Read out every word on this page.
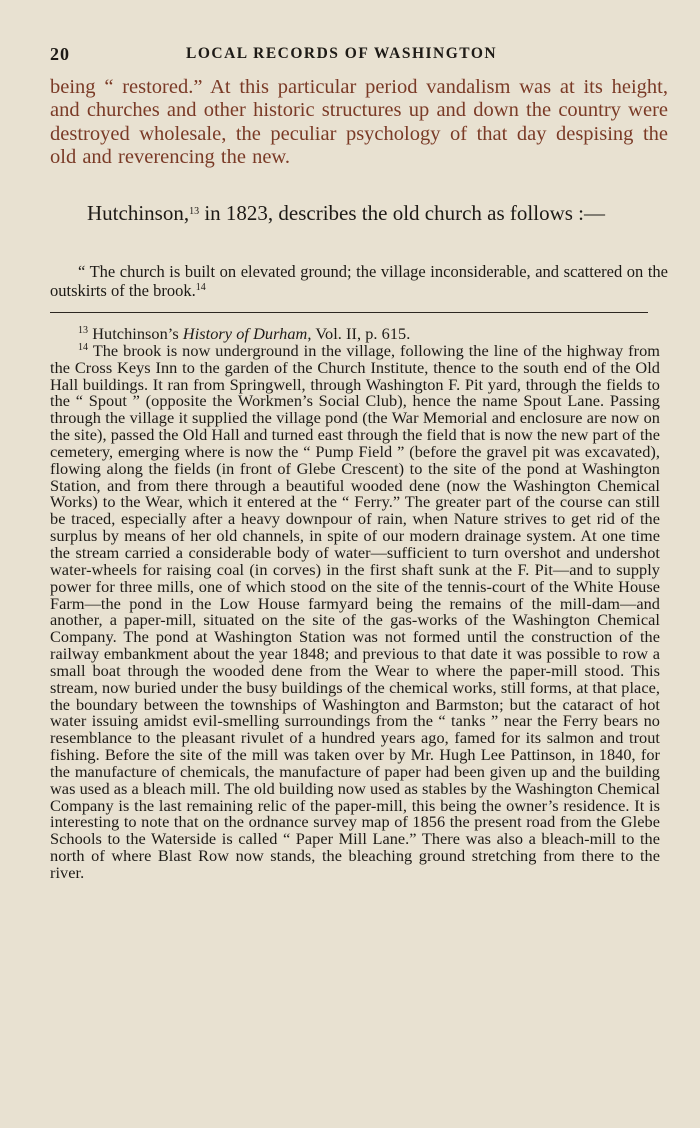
20	LOCAL RECORDS OF WASHINGTON

being “ restored.” At this particular period vandalism was at its height, and churches and other historic structures up and down the country were destroyed wholesale, the peculiar psychology of that day despising the old and reverencing the new.

Hutchinson,$^{13}$ in 1823, describes the old church as follows :—

“ The church is built on elevated ground; the village inconsiderable, and scattered on the outskirts of the brook.$^{14}$

$^{13}$ Hutchinson’s History of Durham, Vol. II, p. 615.

$^{14}$ The brook is now underground in the village, following the line of the highway from the Cross Keys Inn to the garden of the Church Institute, thence to the south end of the Old Hall buildings. It ran from Springwell, through Washington F. Pit yard, through the fields to the “ Spout ” (opposite the Workmen’s Social Club), hence the name Spout Lane. Passing through the village it supplied the village pond (the War Memorial and enclosure are now on the site), passed the Old Hall and turned east through the field that is now the new part of the cemetery, emerging where is now the “ Pump Field ” (before the gravel pit was excavated), flowing along the fields (in front of Glebe Crescent) to the site of the pond at Washington Station, and from there through a beautiful wooded dene (now the Washington Chemical Works) to the Wear, which it entered at the “ Ferry.” The greater part of the course can still be traced, especially after a heavy downpour of rain, when Nature strives to get rid of the surplus by means of her old channels, in spite of our modern drainage system. At one time the stream carried a considerable body of water—sufficient to turn overshot and undershot water-wheels for raising coal (in corves) in the first shaft sunk at the F. Pit—and to supply power for three mills, one of which stood on the site of the tennis-court of the White House Farm—the pond in the Low House farmyard being the remains of the mill-dam—and another, a paper-mill, situated on the site of the gas-works of the Washington Chemical Company. The pond at Washington Station was not formed until the construction of the railway embankment about the year 1848; and previous to that date it was possible to row a small boat through the wooded dene from the Wear to where the paper-mill stood. This stream, now buried under the busy buildings of the chemical works, still forms, at that place, the boundary between the townships of Washington and Barmston; but the cataract of hot water issuing amidst evil-smelling surroundings from the “ tanks ” near the Ferry bears no resemblance to the pleasant rivulet of a hundred years ago, famed for its salmon and trout fishing. Before the site of the mill was taken over by Mr. Hugh Lee Pattinson, in 1840, for the manufacture of chemicals, the manufacture of paper had been given up and the building was used as a bleach mill. The old building now used as stables by the Washington Chemical Company is the last remaining relic of the paper-mill, this being the owner’s residence. It is interesting to note that on the ordnance survey map of 1856 the present road from the Glebe Schools to the Waterside is called “ Paper Mill Lane.” There was also a bleach-mill to the north of where Blast Row now stands, the bleaching ground stretching from there to the river.
